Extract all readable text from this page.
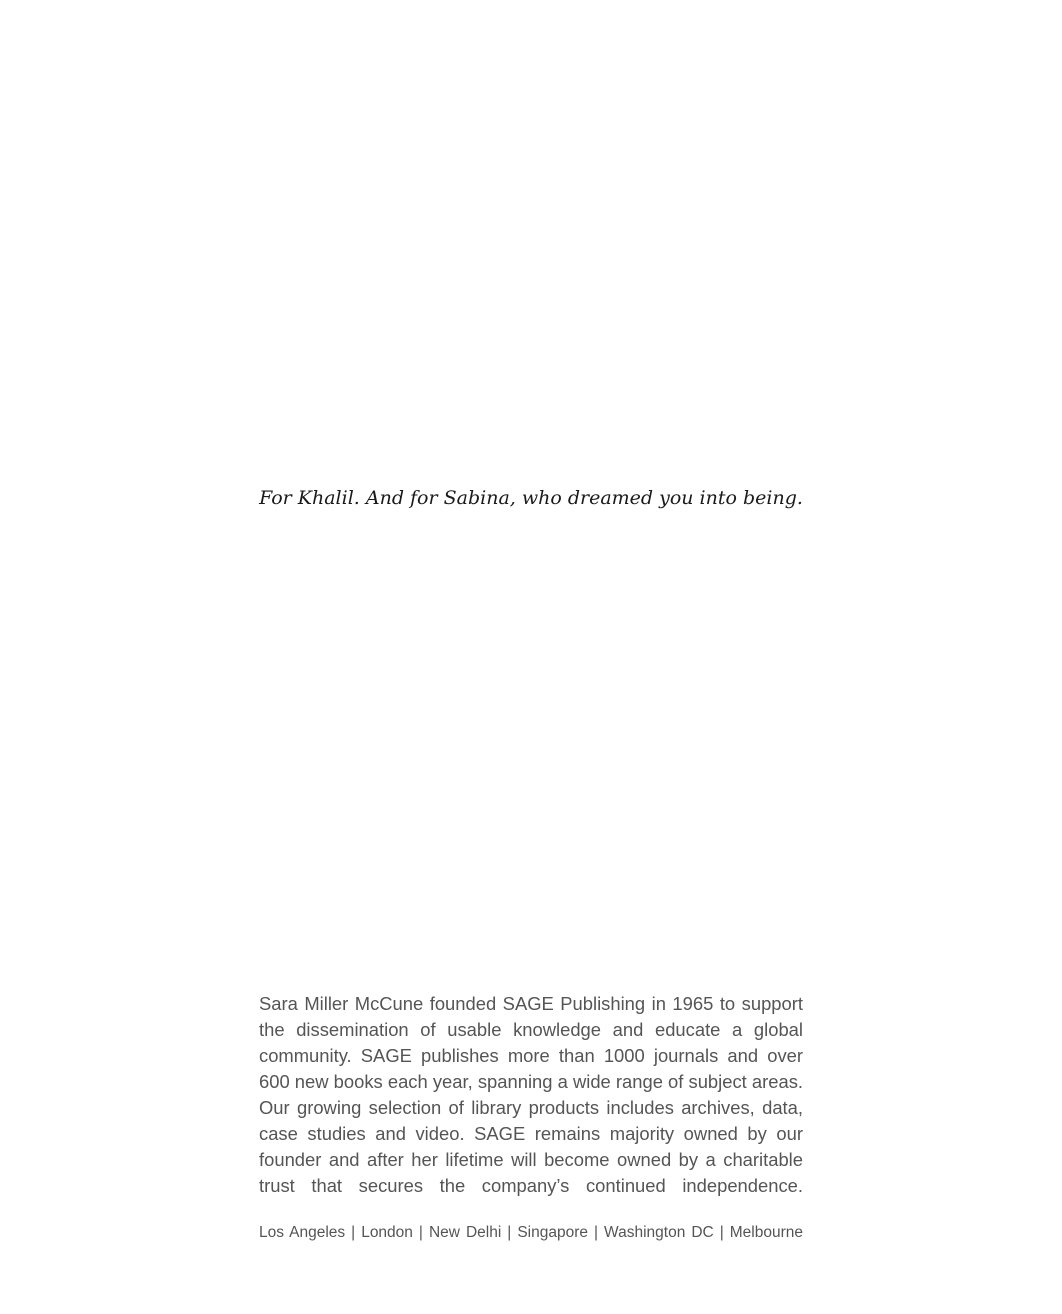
For Khalil. And for Sabina, who dreamed you into being.
Sara Miller McCune founded SAGE Publishing in 1965 to support
the dissemination of usable knowledge and educate a global
community. SAGE publishes more than 1000 journals and over
600 new books each year, spanning a wide range of subject areas.
Our growing selection of library products includes archives, data,
case studies and video. SAGE remains majority owned by our
founder and after her lifetime will become owned by a charitable
trust that secures the company’s continued independence.
Los Angeles | London | New Delhi | Singapore | Washington DC | Melbourne
